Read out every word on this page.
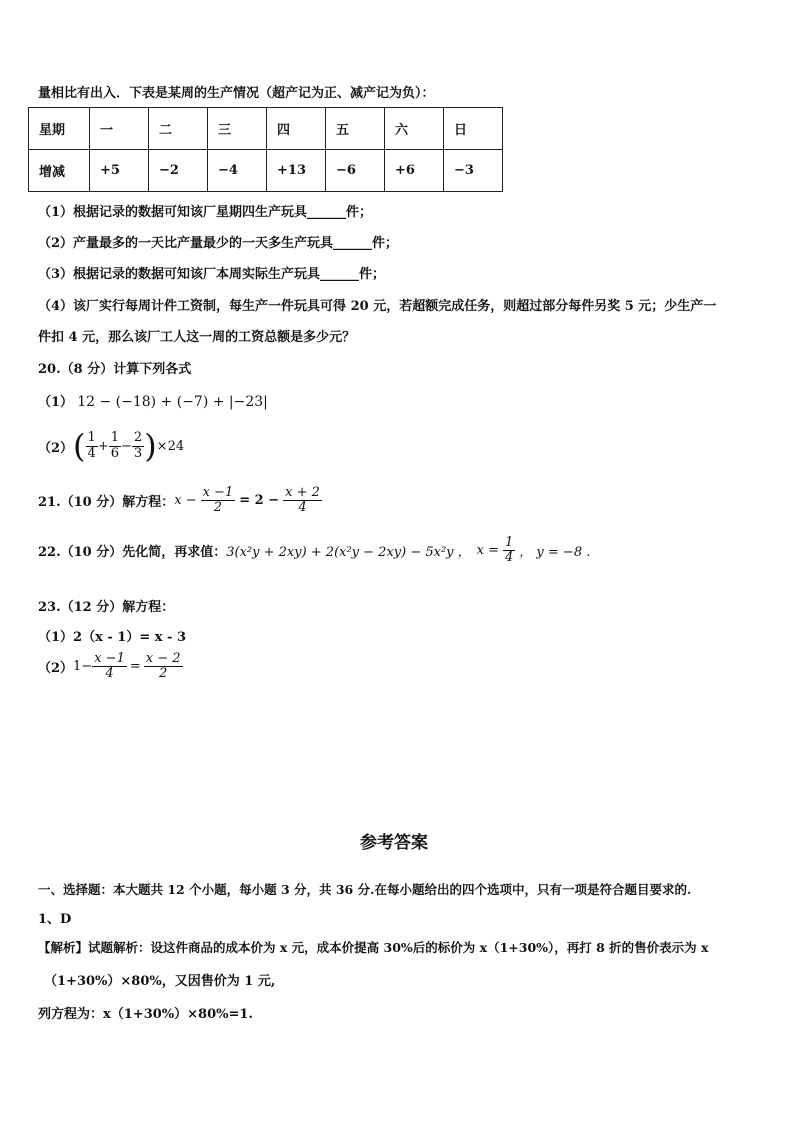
量相比有出入．下表是某周的生产情况（超产记为正、减产记为负）：
星期	一	二	三	四	五	六	日
增减	+5	−2	−4	+13	−6	+6	−3
（1）根据记录的数据可知该厂星期四生产玩具______件；
（2）产量最多的一天比产量最少的一天多生产玩具______件；
（3）根据记录的数据可知该厂本周实际生产玩具______件；
（4）该厂实行每周计件工资制，每生产一件玩具可得 20 元，若超额完成任务，则超过部分每件另奖 5 元；少生产一
件扣 4 元，那么该厂工人这一周的工资总额是多少元？
20.（8 分）计算下列各式
（1） 12 − (−18) + (−7) + |−23|
（2） ( $\frac{1}{4} + \frac{1}{6} - \frac{2}{3}$ ) ×24
21.（10 分）解方程： $x - \frac{x -1}{2} = 2 - \frac{x + 2}{4}$
22.（10 分）先化简，再求值： 3(x²y + 2xy) + 2(x²y − 2xy) − 5x²y ， $x = \frac{1}{4}$ ， y = −8 .
23.（12 分）解方程：
（1）2（x - 1）= x - 3
（2） $1- \frac{x -1}{4} = \frac{x - 2}{2}$
参考答案
一、选择题：本大题共 12 个小题，每小题 3 分，共 36 分.在每小题给出的四个选项中，只有一项是符合题目要求的.
1、D
【解析】试题解析：设这件商品的成本价为 x 元，成本价提高 30%后的标价为 x（1+30%），再打 8 折的售价表示为 x
（1+30%）×80%，又因售价为 1 元,
列方程为：x（1+30%）×80%=1.
